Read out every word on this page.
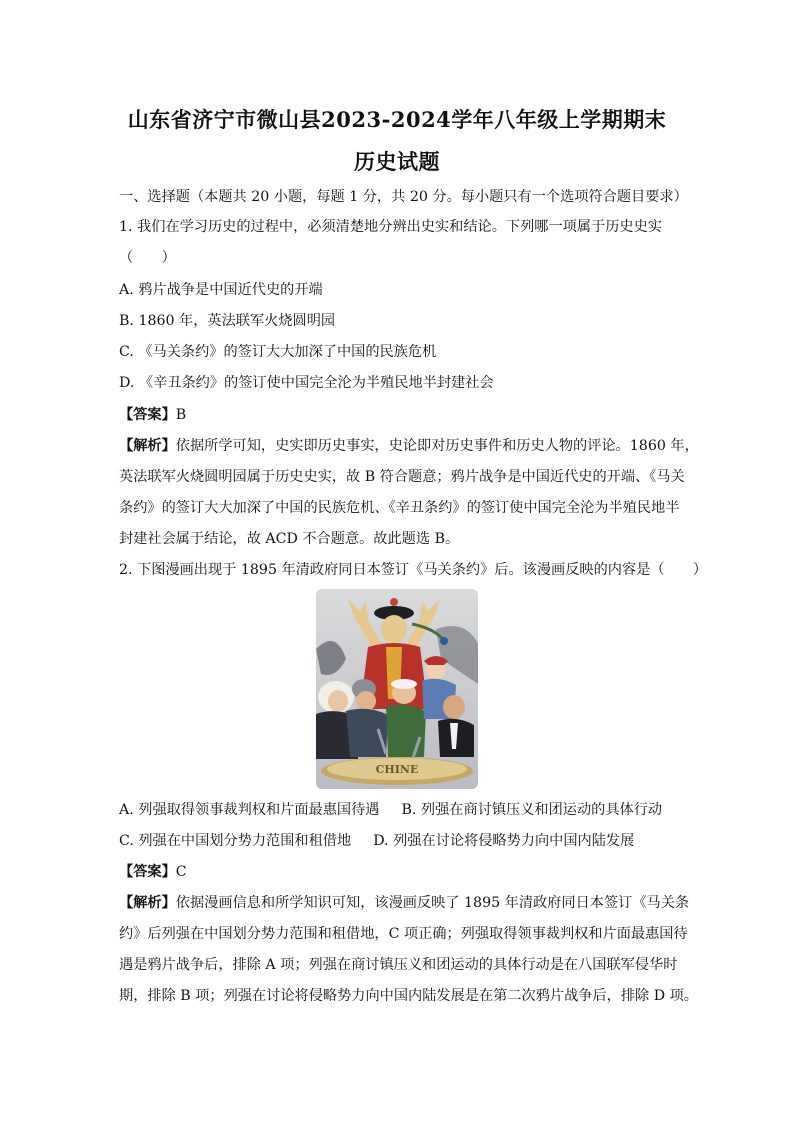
山东省济宁市微山县2023-2024学年八年级上学期期末
历史试题
一、选择题（本题共 20 小题，每题 1 分，共 20 分。每小题只有一个选项符合题目要求）
1. 我们在学习历史的过程中，必须清楚地分辨出史实和结论。下列哪一项属于历史史实
（　　）
A. 鸦片战争是中国近代史的开端
B. 1860 年，英法联军火烧圆明园
C. 《马关条约》的签订大大加深了中国的民族危机
D. 《辛丑条约》的签订使中国完全沦为半殖民地半封建社会
【答案】B
【解析】依据所学可知，史实即历史事实，史论即对历史事件和历史人物的评论。1860 年，
英法联军火烧圆明园属于历史史实，故 B 符合题意；鸦片战争是中国近代史的开端、《马关
条约》的签订大大加深了中国的民族危机、《辛丑条约》的签订使中国完全沦为半殖民地半
封建社会属于结论，故 ACD 不合题意。故此题选 B。
2. 下图漫画出现于 1895 年清政府同日本签订《马关条约》后。该漫画反映的内容是（　　）
CHINE
A. 列强取得领事裁判权和片面最惠国待遇 B. 列强在商讨镇压义和团运动的具体行动
C. 列强在中国划分势力范围和租借地 D. 列强在讨论将侵略势力向中国内陆发展
【答案】C
【解析】依据漫画信息和所学知识可知，该漫画反映了 1895 年清政府同日本签订《马关条
约》后列强在中国划分势力范围和租借地，C 项正确；列强取得领事裁判权和片面最惠国待
遇是鸦片战争后，排除 A 项；列强在商讨镇压义和团运动的具体行动是在八国联军侵华时
期，排除 B 项；列强在讨论将侵略势力向中国内陆发展是在第二次鸦片战争后，排除 D 项。
